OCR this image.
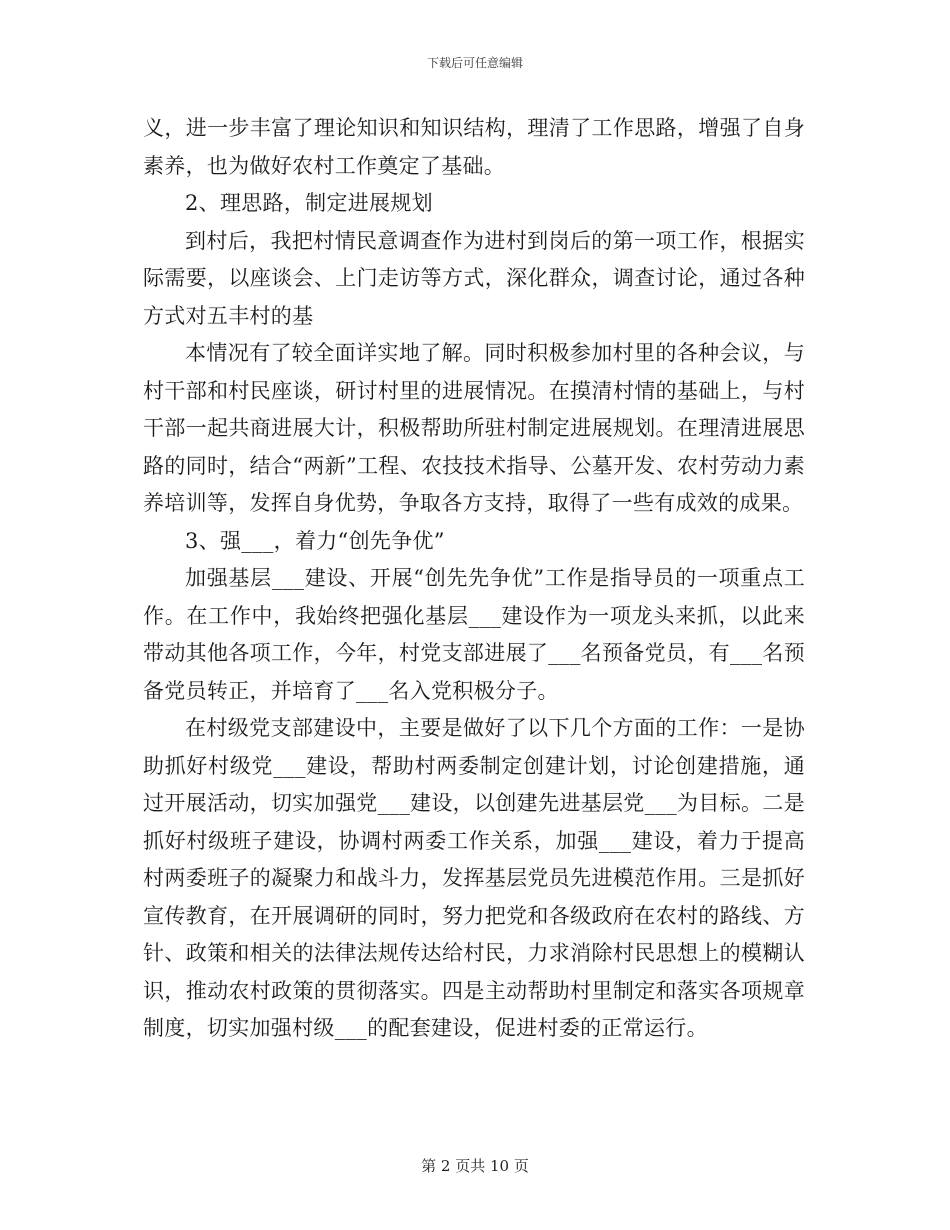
下载后可任意编辑

义，进一步丰富了理论知识和知识结构，理清了工作思路，增强了自身素养，也为做好农村工作奠定了基础。

2、理思路，制定进展规划

到村后，我把村情民意调查作为进村到岗后的第一项工作，根据实际需要，以座谈会、上门走访等方式，深化群众，调查讨论，通过各种方式对五丰村的基

本情况有了较全面详实地了解。同时积极参加村里的各种会议，与村干部和村民座谈，研讨村里的进展情况。在摸清村情的基础上，与村干部一起共商进展大计，积极帮助所驻村制定进展规划。在理清进展思路的同时，结合“两新”工程、农技技术指导、公墓开发、农村劳动力素养培训等，发挥自身优势，争取各方支持，取得了一些有成效的成果。

3、强___，着力“创先争优”

加强基层___建设、开展“创先先争优”工作是指导员的一项重点工作。在工作中，我始终把强化基层___建设作为一项龙头来抓，以此来带动其他各项工作，今年，村党支部进展了___名预备党员，有___名预备党员转正，并培育了___名入党积极分子。

在村级党支部建设中，主要是做好了以下几个方面的工作：一是协助抓好村级党___建设，帮助村两委制定创建计划，讨论创建措施，通过开展活动，切实加强党___建设，以创建先进基层党___为目标。二是抓好村级班子建设，协调村两委工作关系，加强___建设，着力于提高村两委班子的凝聚力和战斗力，发挥基层党员先进模范作用。三是抓好宣传教育，在开展调研的同时，努力把党和各级政府在农村的路线、方针、政策和相关的法律法规传达给村民，力求消除村民思想上的模糊认识，推动农村政策的贯彻落实。四是主动帮助村里制定和落实各项规章制度，切实加强村级___的配套建设，促进村委的正常运行。

第 2 页共 10 页
